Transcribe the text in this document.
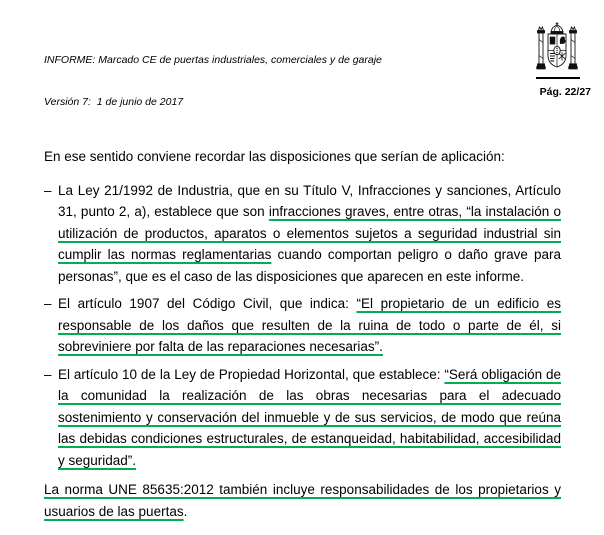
INFORME: Marcado CE de puertas industriales, comerciales y de garaje

Versión 7:  1 de junio de 2017

Pág. 22/27

En ese sentido conviene recordar las disposiciones que serían de aplicación:

– La Ley 21/1992 de Industria, que en su Título V, Infracciones y sanciones, Artículo 31, punto 2, a), establece que son infracciones graves, entre otras, “la instalación o utilización de productos, aparatos o elementos sujetos a seguridad industrial sin cumplir las normas reglamentarias cuando comportan peligro o daño grave para personas”, que es el caso de las disposiciones que aparecen en este informe.
– El artículo 1907 del Código Civil, que indica: “El propietario de un edificio es responsable de los daños que resulten de la ruina de todo o parte de él, si sobreviniere por falta de las reparaciones necesarias”.
– El artículo 10 de la Ley de Propiedad Horizontal, que establece: “Será obligación de la comunidad la realización de las obras necesarias para el adecuado sostenimiento y conservación del inmueble y de sus servicios, de modo que reúna las debidas condiciones estructurales, de estanqueidad, habitabilidad, accesibilidad y seguridad”.

La norma UNE 85635:2012 también incluye responsabilidades de los propietarios y usuarios de las puertas.
